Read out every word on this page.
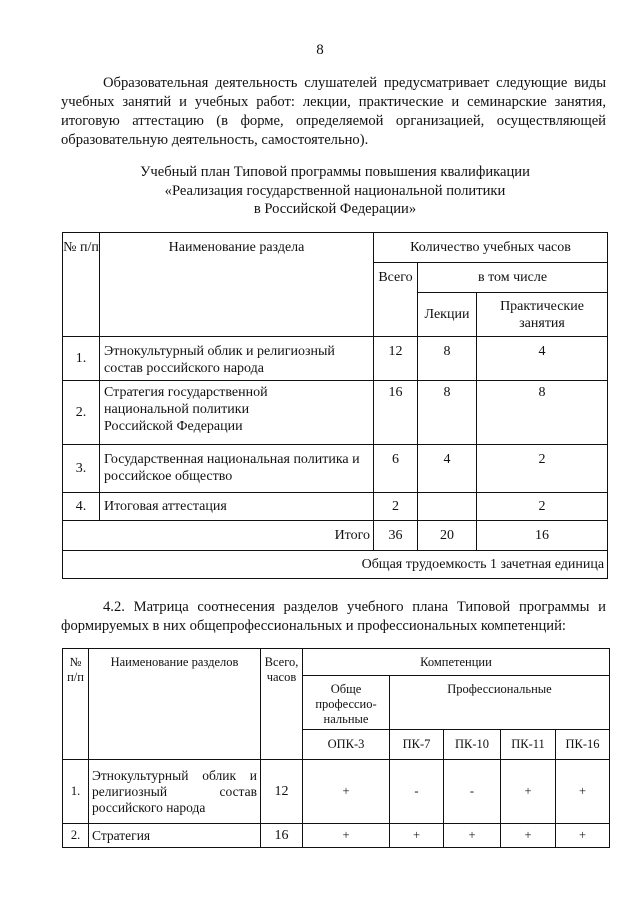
8

Образовательная деятельность слушателей предусматривает следующие виды учебных занятий и учебных работ: лекции, практические и семинарские занятия, итоговую аттестацию (в форме, определяемой организацией, осуществляющей образовательную деятельность, самостоятельно).

Учебный план Типовой программы повышения квалификации
«Реализация государственной национальной политики
в Российской Федерации»
№ п/п	Наименование раздела	Количество учебных часов		
		Всего	в том числе	
			Лекции	Практические занятия
1.	Этнокультурный облик и религиозный состав российского народа	12	8	4
2.	Стратегия государственной
национальной политики
Российской Федерации	16	8	8
3.	Государственная национальная политика и российское общество	6	4	2
4.	Итоговая аттестация	2		2
Итого		36	20	16
Общая трудоемкость 1 зачетная единица				

4.2. Матрица соотнесения разделов учебного плана Типовой программы и формируемых в них общепрофессиональных и профессиональных компетенций:

№ п/п	Наименование разделов	Всего, часов	Компетенции				
			Обще профессио-нальные	Профессиональные			
			ОПК-3	ПК-7	ПК-10	ПК-11	ПК-16
1.	Этнокультурный облик и религиозный состав российского народа	12	+	-	-	+	+
2.	Стратегия	16	+	+	+	+	+
